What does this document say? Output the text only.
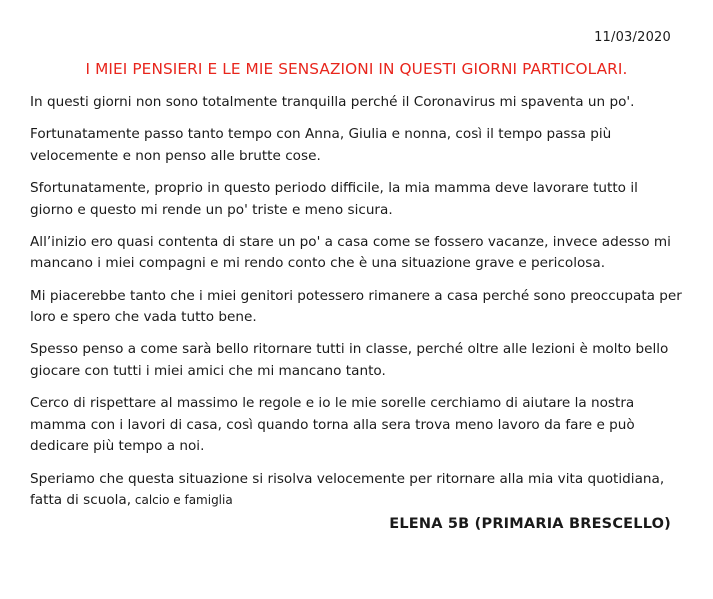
11/03/2020
I MIEI PENSIERI E LE MIE SENSAZIONI IN QUESTI GIORNI PARTICOLARI.

In questi giorni non sono totalmente tranquilla perché il Coronavirus mi spaventa un po'.

Fortunatamente passo tanto tempo con Anna, Giulia e nonna, così il tempo passa più velocemente e non penso alle brutte cose.

Sfortunatamente, proprio in questo periodo difficile, la mia mamma deve lavorare tutto il giorno e questo mi rende un po' triste e meno sicura.

All’inizio ero quasi contenta di stare un po' a casa come se fossero vacanze, invece adesso mi mancano i miei compagni e mi rendo conto che è una situazione grave e pericolosa.

Mi piacerebbe tanto che i miei genitori potessero rimanere a casa perché sono preoccupata per loro e spero che vada tutto bene.

Spesso penso a come sarà bello ritornare tutti in classe, perché oltre alle lezioni è molto bello giocare con tutti i miei amici che mi mancano tanto.

Cerco di rispettare al massimo le regole e io le mie sorelle cerchiamo di aiutare la nostra mamma con i lavori di casa, così quando torna alla sera trova meno lavoro da fare e può dedicare più tempo a noi.

Speriamo che questa situazione si risolva velocemente per ritornare alla mia vita quotidiana, fatta di scuola, calcio e famiglia

ELENA 5B (PRIMARIA BRESCELLO)
